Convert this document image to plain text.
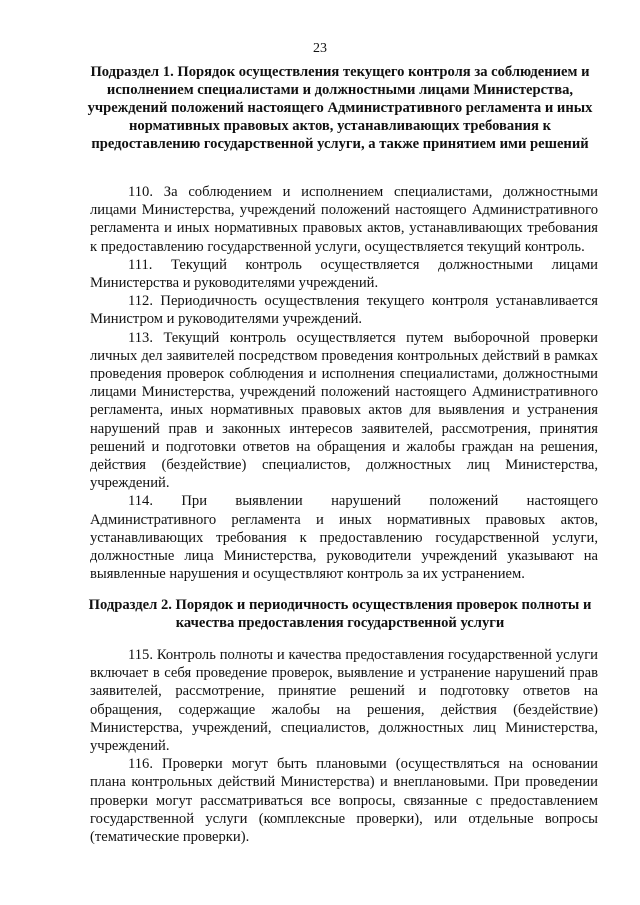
23
Подраздел 1. Порядок осуществления текущего контроля за соблюдением и исполнением специалистами и должностными лицами Министерства, учреждений положений настоящего Административного регламента и иных нормативных правовых актов, устанавливающих требования к предоставлению государственной услуги, а также принятием ими решений

110. За соблюдением и исполнением специалистами, должностными лицами Министерства, учреждений положений настоящего Административного регламента и иных нормативных правовых актов, устанавливающих требования к предоставлению государственной услуги, осуществляется текущий контроль.

111. Текущий контроль осуществляется должностными лицами Министерства и руководителями учреждений.

112. Периодичность осуществления текущего контроля устанавливается Министром и руководителями учреждений.

113. Текущий контроль осуществляется путем выборочной проверки личных дел заявителей посредством проведения контрольных действий в рамках проведения проверок соблюдения и исполнения специалистами, должностными лицами Министерства, учреждений положений настоящего Административного регламента, иных нормативных правовых актов для выявления и устранения нарушений прав и законных интересов заявителей, рассмотрения, принятия решений и подготовки ответов на обращения и жалобы граждан на решения, действия (бездействие) специалистов, должностных лиц Министерства, учреждений.

114. При выявлении нарушений положений настоящего Административного регламента и иных нормативных правовых актов, устанавливающих требования к предоставлению государственной услуги, должностные лица Министерства, руководители учреждений указывают на выявленные нарушения и осуществляют контроль за их устранением.

Подраздел 2. Порядок и периодичность осуществления проверок полноты и качества предоставления государственной услуги

115. Контроль полноты и качества предоставления государственной услуги включает в себя проведение проверок, выявление и устранение нарушений прав заявителей, рассмотрение, принятие решений и подготовку ответов на обращения, содержащие жалобы на решения, действия (бездействие) Министерства, учреждений, специалистов, должностных лиц Министерства, учреждений.

116. Проверки могут быть плановыми (осуществляться на основании плана контрольных действий Министерства) и внеплановыми. При проведении проверки могут рассматриваться все вопросы, связанные с предоставлением государственной услуги (комплексные проверки), или отдельные вопросы (тематические проверки).
